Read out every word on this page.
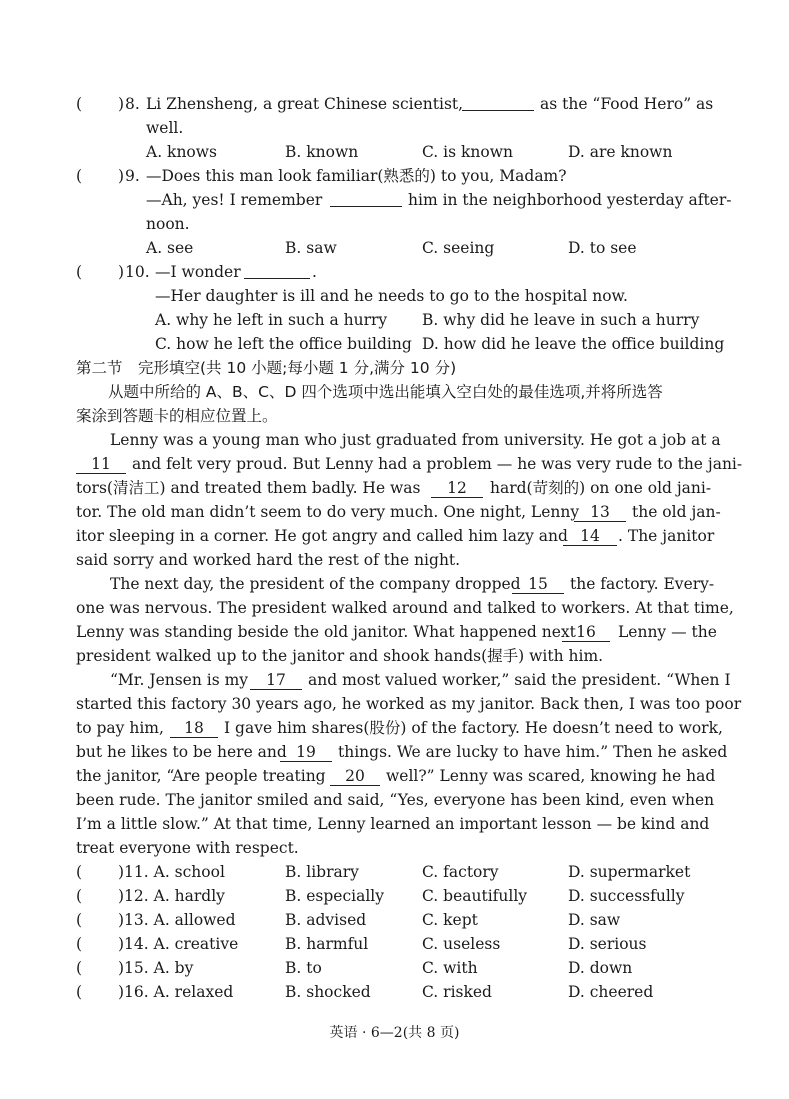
( ) 8. Li Zhensheng, a great Chinese scientist,	as the “Food Hero” as
well.
A. knows	B. known	C. is known	D. are known
( ) 9. —Does this man look familiar(熟悉的) to you, Madam?
—Ah, yes! I remember	him in the neighborhood yesterday after-
noon.
A. see	B. saw	C. seeing	D. to see
( ) 10. —I wonder	.
—Her daughter is ill and he needs to go to the hospital now.
A. why he left in such a hurry B. why did he leave in such a hurry
C. how he left the office building D. how did he leave the office building
第二节　完形填空(共 10 小题;每小题 1 分,满分 10 分)
从题中所给的 A、B、C、D 四个选项中选出能填入空白处的最佳选项,并将所选答
案涂到答题卡的相应位置上。
Lenny was a young man who just graduated from university. He got a job at a
11	and felt very proud. But Lenny had a problem — he was very rude to the jani-
tors(清洁工) and treated them badly. He was	12	hard(苛刻的) on one old jani-
tor. The old man didn’t seem to do very much. One night, Lenny 13	the old jan-
itor sleeping in a corner. He got angry and called him lazy and 14	. The janitor
said sorry and worked hard the rest of the night.
The next day, the president of the company dropped 15	the factory. Every-
one was nervous. The president walked around and talked to workers. At that time,
Lenny was standing beside the old janitor. What happened next 16	Lenny — the
president walked up to the janitor and shook hands(握手) with him.
“Mr. Jensen is my	17	and most valued worker,” said the president. “When I
started this factory 30 years ago, he worked as my janitor. Back then, I was too poor
to pay him,	18	I gave him shares(股份) of the factory. He doesn’t need to work,
but he likes to be here and 19	things. We are lucky to have him.” Then he asked
the janitor, “Are people treating	20	well?” Lenny was scared, knowing he had
been rude. The janitor smiled and said, “Yes, everyone has been kind, even when
I’m a little slow.” At that time, Lenny learned an important lesson — be kind and
treat everyone with respect.
( )11. A. school	B. library	C. factory	D. supermarket
( )12. A. hardly	B. especially C. beautifully	D. successfully
( )13. A. allowed	B. advised	C. kept	D. saw
( )14. A. creative	B. harmful	C. useless	D. serious
( )15. A. by	B. to	C. with	D. down
( )16. A. relaxed	B. shocked	C. risked	D. cheered
英语 · 6—2(共 8 页)
